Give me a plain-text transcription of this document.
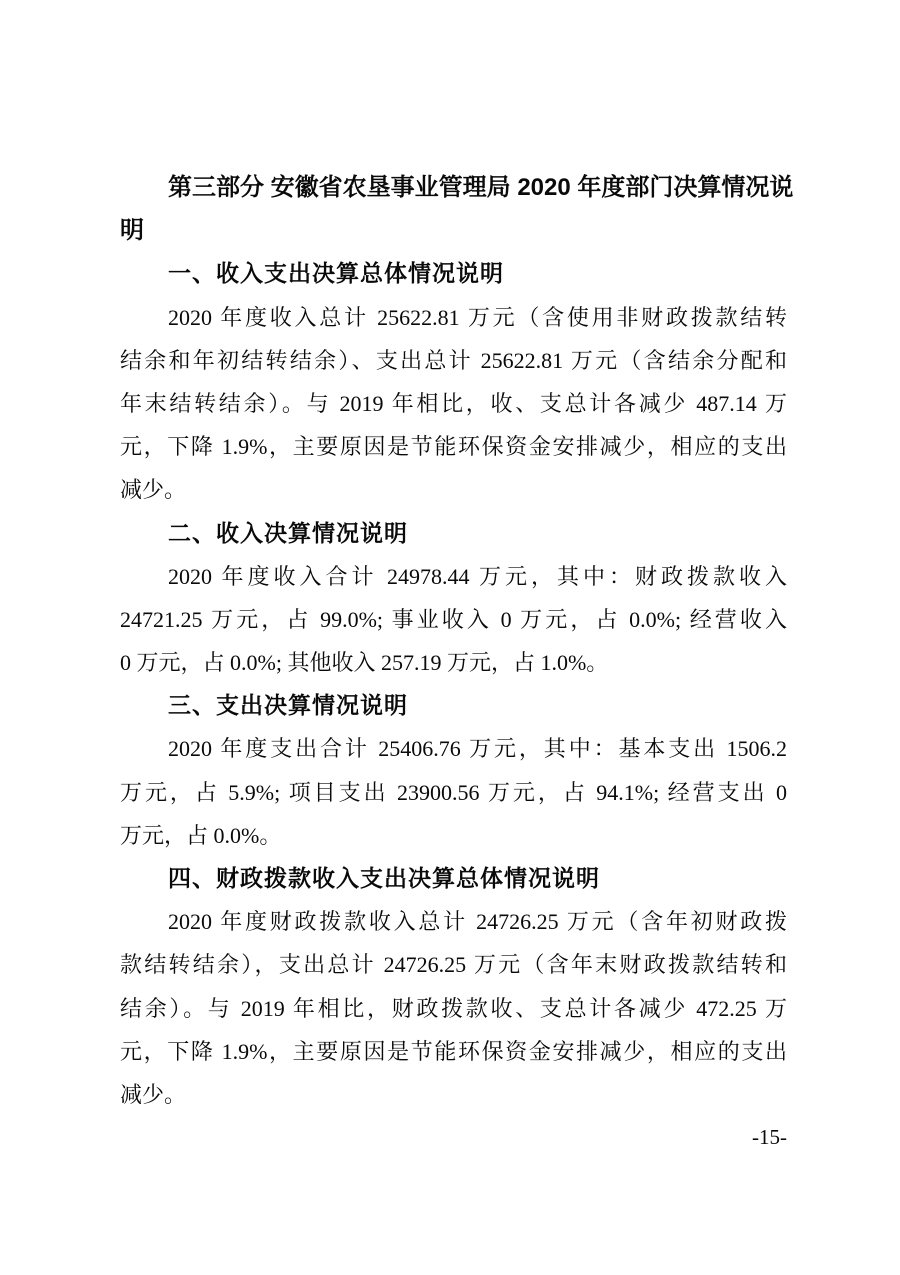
第三部分 安徽省农垦事业管理局 2020 年度部门决算情况说
明
一、收入支出决算总体情况说明
2020 年度收入总计 25622.81 万元（含使用非财政拨款结转
结余和年初结转结余）、支出总计 25622.81 万元（含结余分配和
年末结转结余）。与 2019 年相比，收、支总计各减少 487.14 万
元，下降 1.9%，主要原因是节能环保资金安排减少，相应的支出
减少。
二、收入决算情况说明
2020 年度收入合计 24978.44 万元，其中：财政拨款收入
24721.25 万元，占 99.0%; 事业收入 0 万元，占 0.0%; 经营收入
0 万元，占 0.0%; 其他收入 257.19 万元，占 1.0%。
三、支出决算情况说明
2020 年度支出合计 25406.76 万元，其中：基本支出 1506.2
万元，占 5.9%; 项目支出 23900.56 万元，占 94.1%; 经营支出 0
万元，占 0.0%。
四、财政拨款收入支出决算总体情况说明
2020 年度财政拨款收入总计 24726.25 万元（含年初财政拨
款结转结余），支出总计 24726.25 万元（含年末财政拨款结转和
结余）。与 2019 年相比，财政拨款收、支总计各减少 472.25 万
元，下降 1.9%，主要原因是节能环保资金安排减少，相应的支出
减少。
-15-
